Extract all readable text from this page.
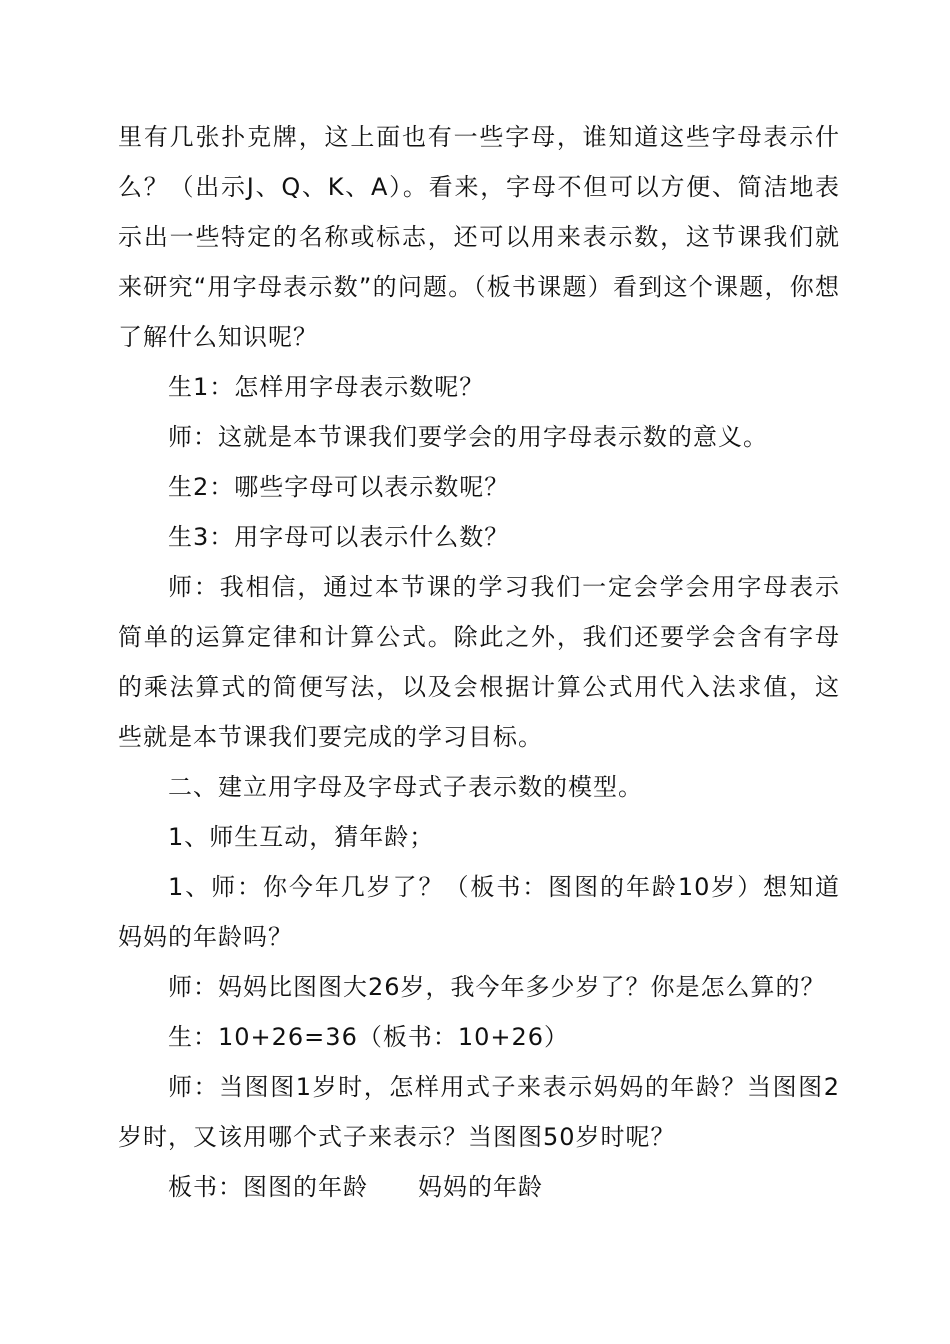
里有几张扑克牌，这上面也有一些字母，谁知道这些字母表示什么？（出示J、Q、K、A）。看来，字母不但可以方便、简洁地表示出一些特定的名称或标志，还可以用来表示数，这节课我们就来研究“用字母表示数”的问题。（板书课题）看到这个课题，你想了解什么知识呢？

生1：怎样用字母表示数呢？

师：这就是本节课我们要学会的用字母表示数的意义。

生2：哪些字母可以表示数呢？

生3：用字母可以表示什么数？

师：我相信，通过本节课的学习我们一定会学会用字母表示简单的运算定律和计算公式。除此之外，我们还要学会含有字母的乘法算式的简便写法，以及会根据计算公式用代入法求值，这些就是本节课我们要完成的学习目标。

二、建立用字母及字母式子表示数的模型。

1、师生互动，猜年龄；

1、师：你今年几岁了？（板书：图图的年龄10岁）想知道妈妈的年龄吗？

师：妈妈比图图大26岁，我今年多少岁了？你是怎么算的？

生：10+26=36（板书：10+26）

师：当图图1岁时，怎样用式子来表示妈妈的年龄？当图图2岁时，又该用哪个式子来表示？当图图50岁时呢？

板书：图图的年龄　　妈妈的年龄
